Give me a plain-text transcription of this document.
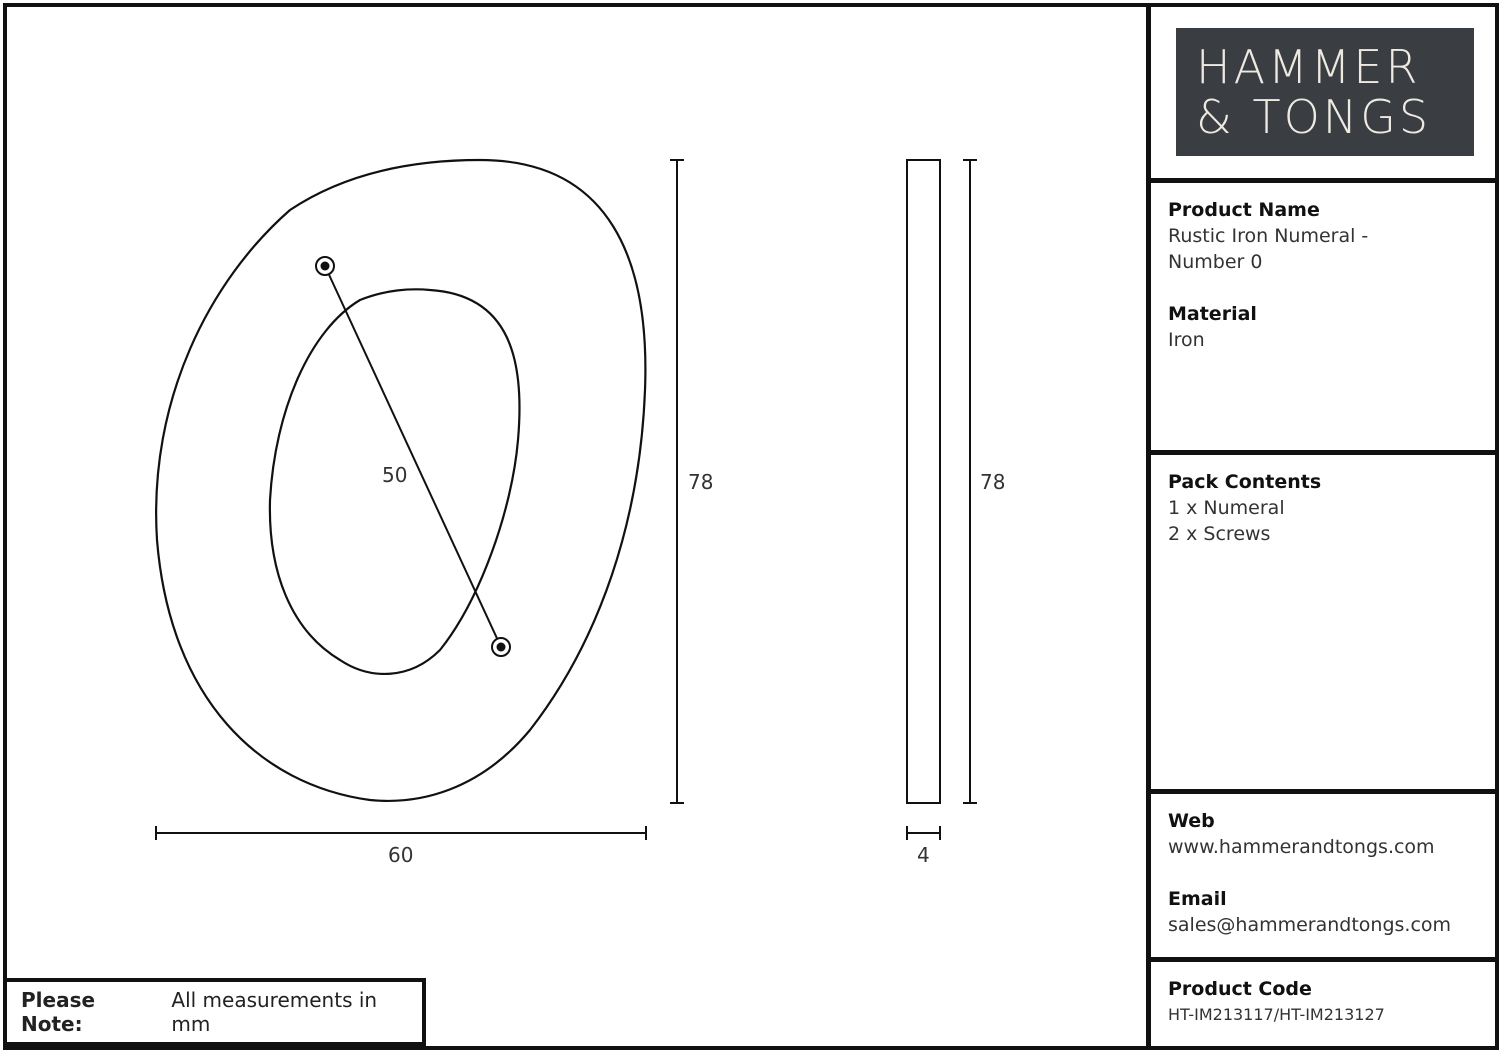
50	78
60
78
4
HAMMER
& TONGS
Product Name
Rustic Iron Numeral -
Number 0
Material
Iron
Pack Contents
1 x Numeral
2 x Screws
Web
www.hammerandtongs.com
Email
sales@hammerandtongs.com
Product Code
HT-IM213117/HT-IM213127
Please Note:
All measurements in mm
